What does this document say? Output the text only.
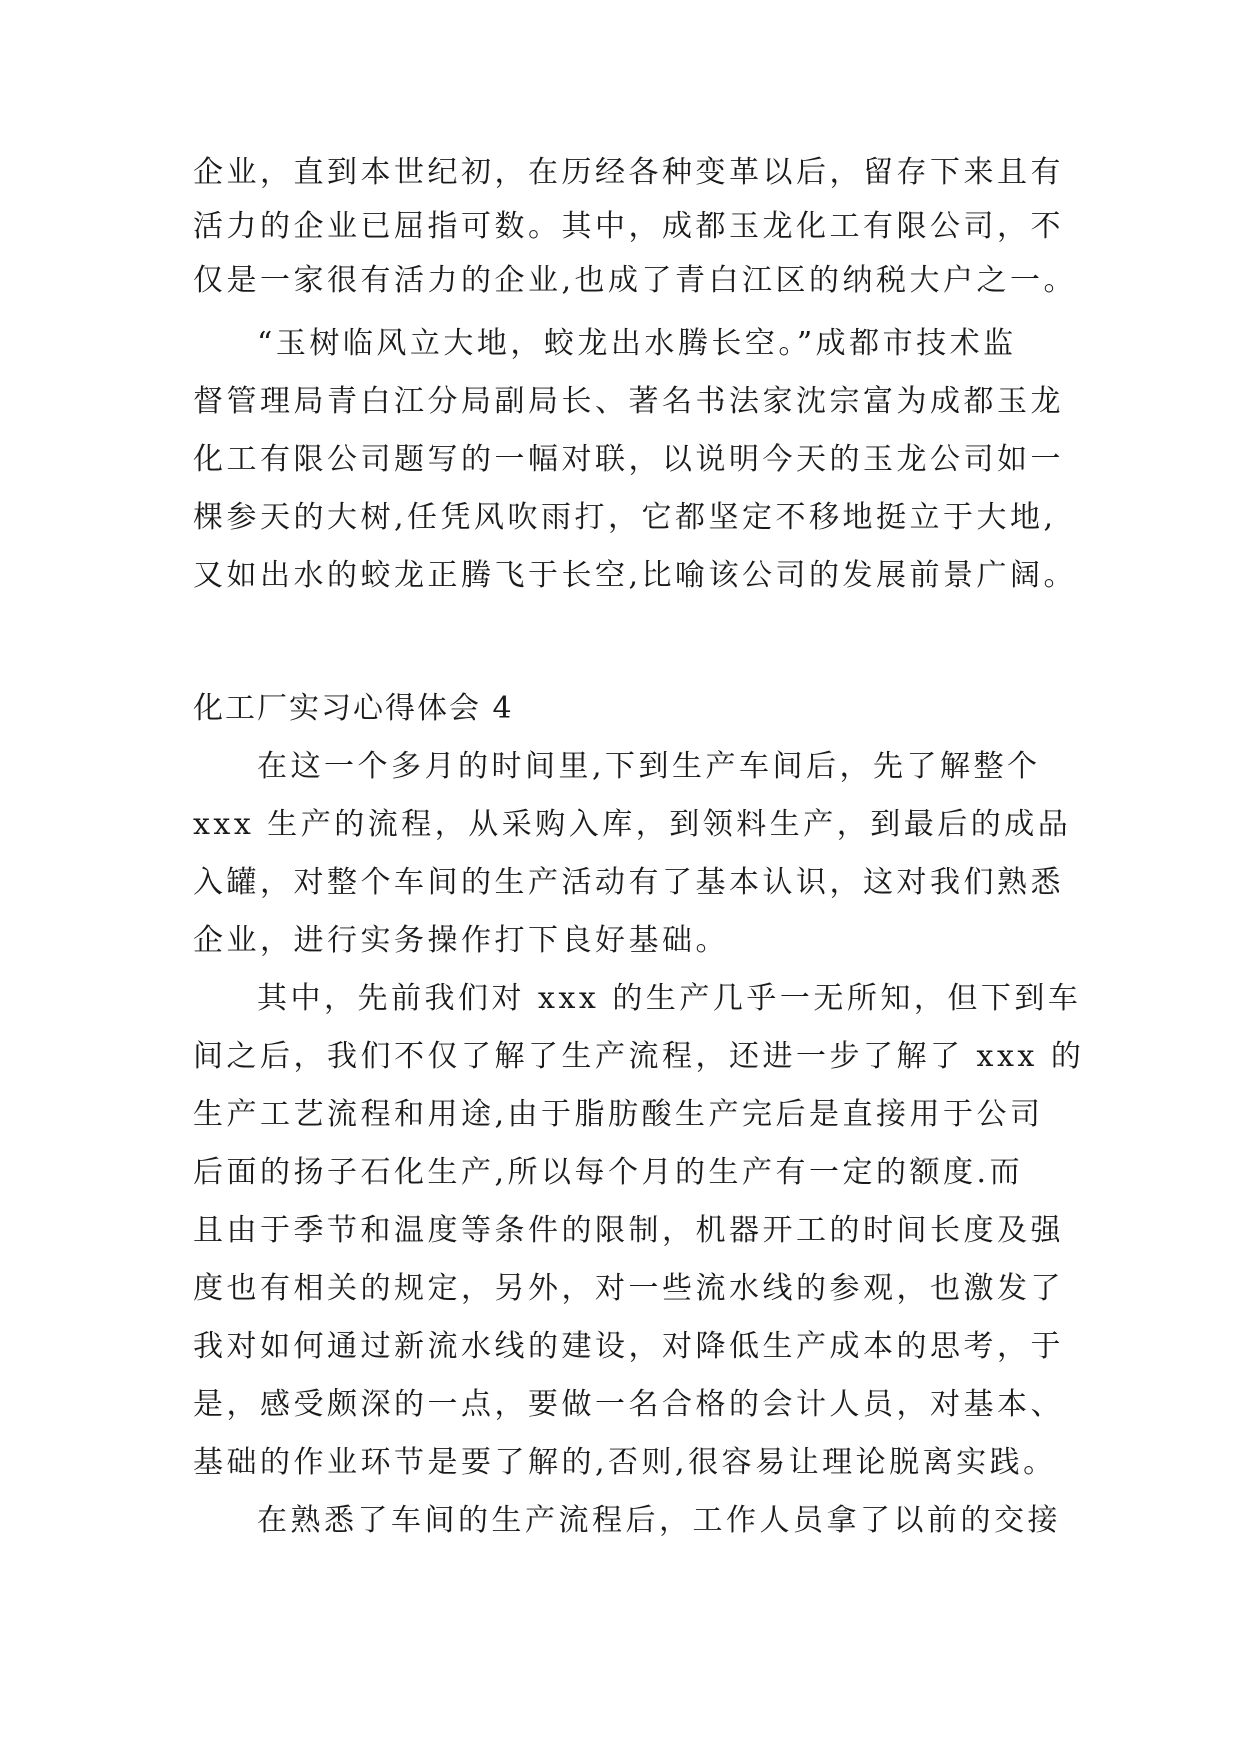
企业，直到本世纪初，在历经各种变革以后，留存下来且有
活力的企业已屈指可数。其中，成都玉龙化工有限公司，不
仅是一家很有活力的企业,也成了青白江区的纳税大户之一。
“玉树临风立大地，蛟龙出水腾长空。”成都市技术监
督管理局青白江分局副局长、著名书法家沈宗富为成都玉龙
化工有限公司题写的一幅对联，以说明今天的玉龙公司如一
棵参天的大树,任凭风吹雨打，它都坚定不移地挺立于大地,
又如出水的蛟龙正腾飞于长空,比喻该公司的发展前景广阔。
化工厂实习心得体会 4
在这一个多月的时间里,下到生产车间后，先了解整个
xxx 生产的流程，从采购入库，到领料生产，到最后的成品
入罐，对整个车间的生产活动有了基本认识，这对我们熟悉
企业，进行实务操作打下良好基础。
其中，先前我们对 xxx 的生产几乎一无所知，但下到车
间之后，我们不仅了解了生产流程，还进一步了解了 xxx 的
生产工艺流程和用途,由于脂肪酸生产完后是直接用于公司
后面的扬子石化生产,所以每个月的生产有一定的额度.而
且由于季节和温度等条件的限制，机器开工的时间长度及强
度也有相关的规定，另外，对一些流水线的参观，也激发了
我对如何通过新流水线的建设，对降低生产成本的思考，于
是，感受颇深的一点，要做一名合格的会计人员，对基本、
基础的作业环节是要了解的,否则,很容易让理论脱离实践。
在熟悉了车间的生产流程后，工作人员拿了以前的交接
